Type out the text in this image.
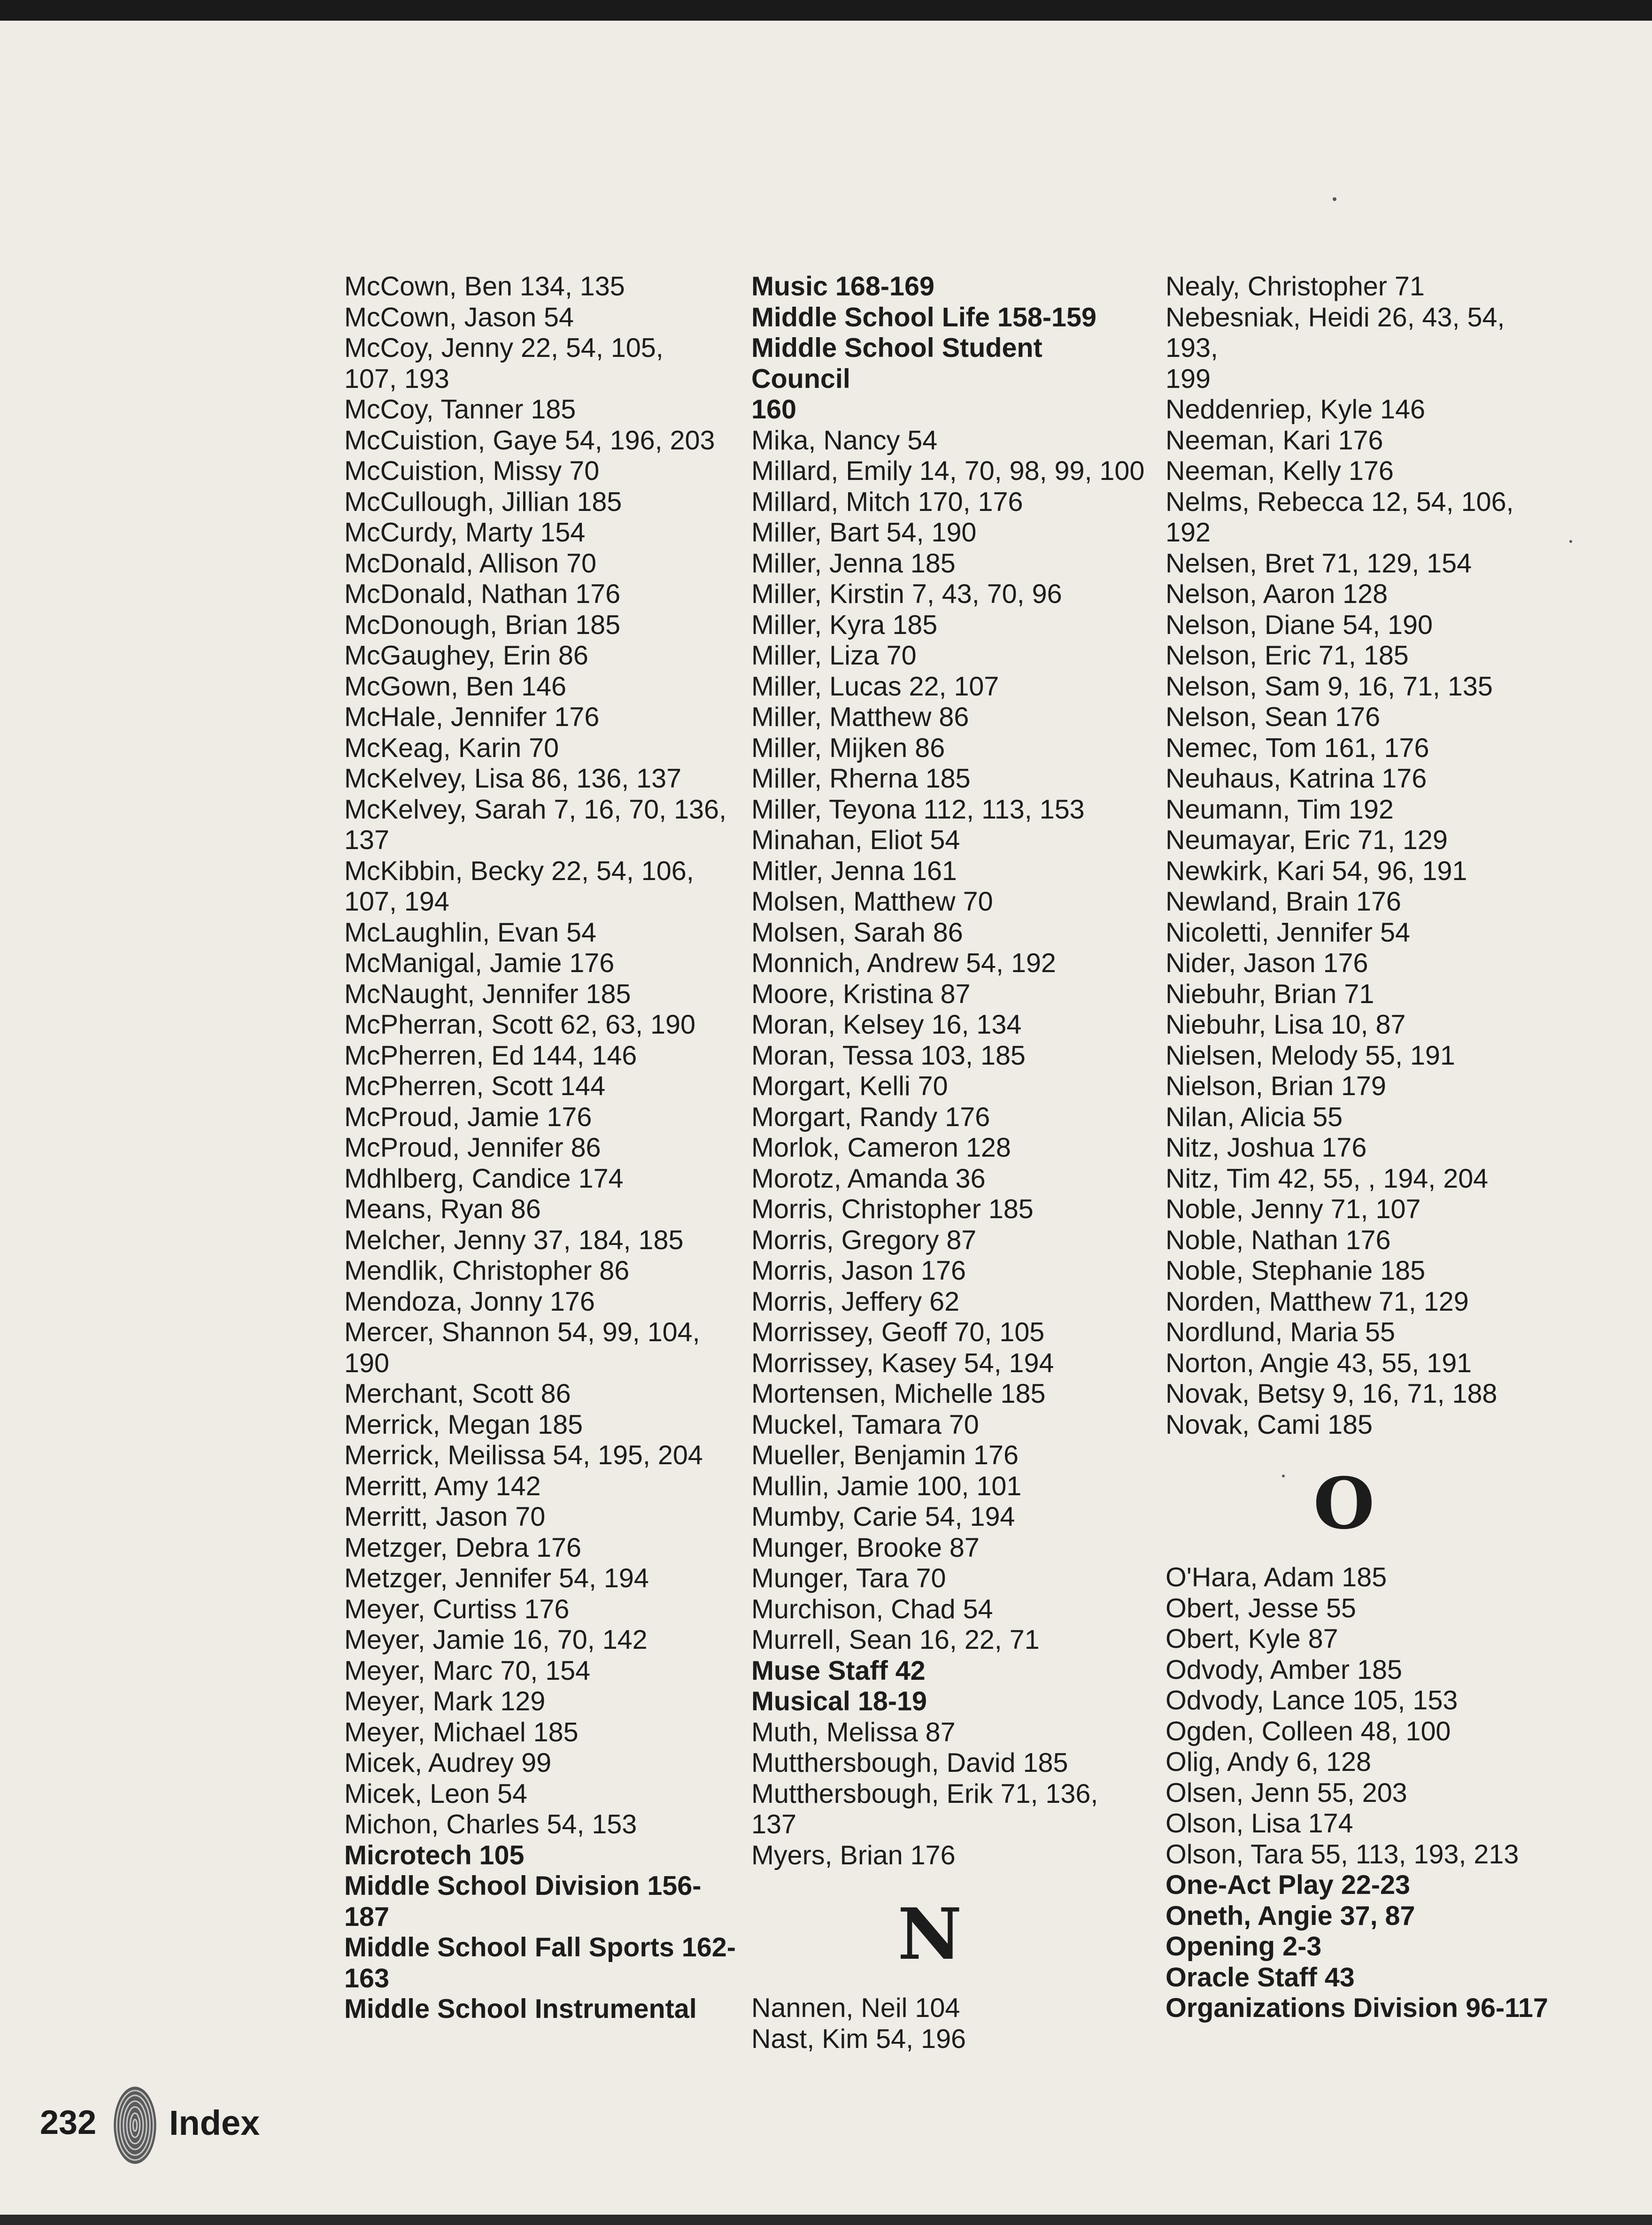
McCown, Ben 134, 135
McCown, Jason 54
McCoy, Jenny 22, 54, 105,
107, 193
McCoy, Tanner 185
McCuistion, Gaye 54, 196, 203
McCuistion, Missy 70
McCullough, Jillian 185
McCurdy, Marty 154
McDonald, Allison 70
McDonald, Nathan 176
McDonough, Brian 185
McGaughey, Erin 86
McGown, Ben 146
McHale, Jennifer 176
McKeag, Karin 70
McKelvey, Lisa 86, 136, 137
McKelvey, Sarah 7, 16, 70, 136,
137
McKibbin, Becky 22, 54, 106,
107, 194
McLaughlin, Evan 54
McManigal, Jamie 176
McNaught, Jennifer 185
McPherran, Scott 62, 63, 190
McPherren, Ed 144, 146
McPherren, Scott 144
McProud, Jamie 176
McProud, Jennifer 86
Mdhlberg, Candice 174
Means, Ryan 86
Melcher, Jenny 37, 184, 185
Mendlik, Christopher 86
Mendoza, Jonny 176
Mercer, Shannon 54, 99, 104,
190
Merchant, Scott 86
Merrick, Megan 185
Merrick, Meilissa 54, 195, 204
Merritt, Amy 142
Merritt, Jason 70
Metzger, Debra 176
Metzger, Jennifer 54, 194
Meyer, Curtiss 176
Meyer, Jamie 16, 70, 142
Meyer, Marc 70, 154
Meyer, Mark 129
Meyer, Michael 185
Micek, Audrey 99
Micek, Leon 54
Michon, Charles 54, 153
Microtech 105
Middle School Division 156-
187
Middle School Fall Sports 162-
163
Middle School Instrumental
Music 168-169
Middle School Life 158-159
Middle School Student Council
160
Mika, Nancy 54
Millard, Emily 14, 70, 98, 99, 100
Millard, Mitch 170, 176
Miller, Bart 54, 190
Miller, Jenna 185
Miller, Kirstin 7, 43, 70, 96
Miller, Kyra 185
Miller, Liza 70
Miller, Lucas 22, 107
Miller, Matthew 86
Miller, Mijken 86
Miller, Rherna 185
Miller, Teyona 112, 113, 153
Minahan, Eliot 54
Mitler, Jenna 161
Molsen, Matthew 70
Molsen, Sarah 86
Monnich, Andrew 54, 192
Moore, Kristina 87
Moran, Kelsey 16, 134
Moran, Tessa 103, 185
Morgart, Kelli 70
Morgart, Randy 176
Morlok, Cameron 128
Morotz, Amanda 36
Morris, Christopher 185
Morris, Gregory 87
Morris, Jason 176
Morris, Jeffery 62
Morrissey, Geoff 70, 105
Morrissey, Kasey 54, 194
Mortensen, Michelle 185
Muckel, Tamara 70
Mueller, Benjamin 176
Mullin, Jamie 100, 101
Mumby, Carie 54, 194
Munger, Brooke 87
Munger, Tara 70
Murchison, Chad 54
Murrell, Sean 16, 22, 71
Muse Staff 42
Musical 18-19
Muth, Melissa 87
Mutthersbough, David 185
Mutthersbough, Erik 71, 136, 137
Myers, Brian 176
N
Nannen, Neil 104
Nast, Kim 54, 196
Nealy, Christopher 71
Nebesniak, Heidi 26, 43, 54, 193,
199
Neddenriep, Kyle 146
Neeman, Kari 176
Neeman, Kelly 176
Nelms, Rebecca 12, 54, 106,
192
Nelsen, Bret 71, 129, 154
Nelson, Aaron 128
Nelson, Diane 54, 190
Nelson, Eric 71, 185
Nelson, Sam 9, 16, 71, 135
Nelson, Sean 176
Nemec, Tom 161, 176
Neuhaus, Katrina 176
Neumann, Tim 192
Neumayar, Eric 71, 129
Newkirk, Kari 54, 96, 191
Newland, Brain 176
Nicoletti, Jennifer 54
Nider, Jason 176
Niebuhr, Brian 71
Niebuhr, Lisa 10, 87
Nielsen, Melody 55, 191
Nielson, Brian 179
Nilan, Alicia 55
Nitz, Joshua 176
Nitz, Tim 42, 55, , 194, 204
Noble, Jenny 71, 107
Noble, Nathan 176
Noble, Stephanie 185
Norden, Matthew 71, 129
Nordlund, Maria 55
Norton, Angie 43, 55, 191
Novak, Betsy 9, 16, 71, 188
Novak, Cami 185
O
O'Hara, Adam 185
Obert, Jesse 55
Obert, Kyle 87
Odvody, Amber 185
Odvody, Lance 105, 153
Ogden, Colleen 48, 100
Olig, Andy 6, 128
Olsen, Jenn 55, 203
Olson, Lisa 174
Olson, Tara 55, 113, 193, 213
One-Act Play 22-23
Oneth, Angie 37, 87
Opening 2-3
Oracle Staff 43
Organizations Division 96-117
232 Index
